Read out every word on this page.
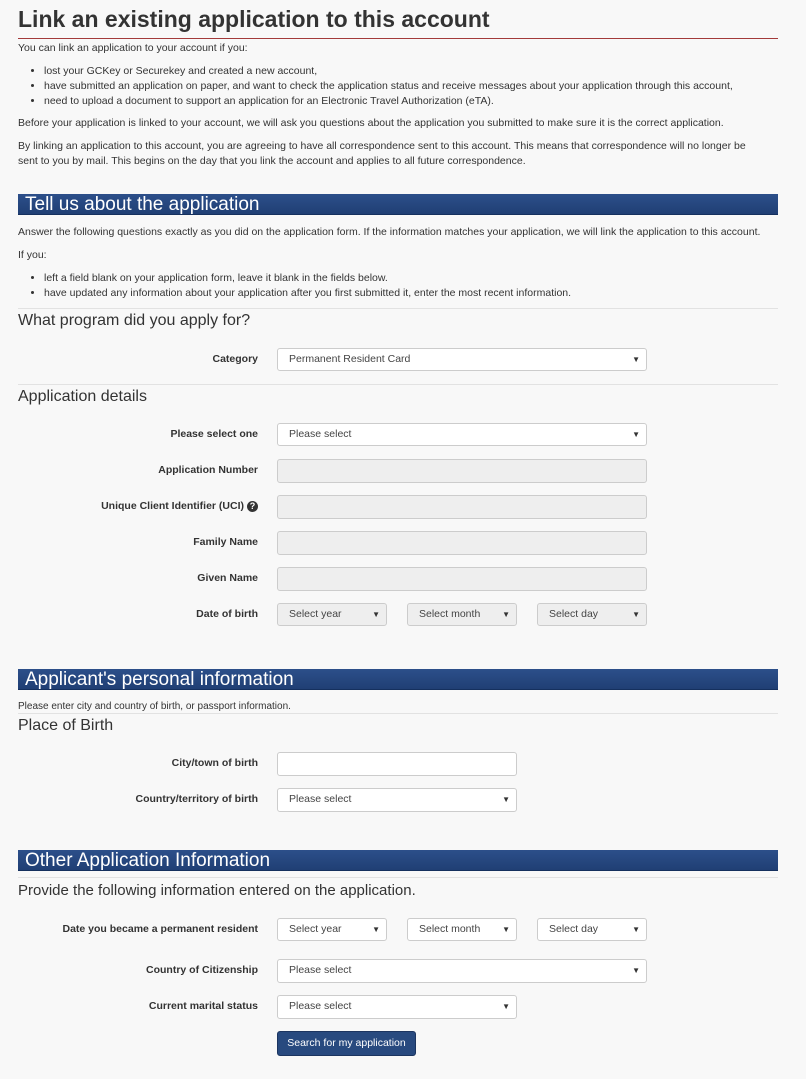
Link an existing application to this account

You can link an application to your account if you:

• lost your GCKey or Securekey and created a new account,
• have submitted an application on paper, and want to check the application status and receive messages about your application through this account,
• need to upload a document to support an application for an Electronic Travel Authorization (eTA).

Before your application is linked to your account, we will ask you questions about the application you submitted to make sure it is the correct application.

By linking an application to this account, you are agreeing to have all correspondence sent to this account. This means that correspondence will no longer be

sent to you by mail. This begins on the day that you link the account and applies to all future correspondence.

Tell us about the application

Answer the following questions exactly as you did on the application form. If the information matches your application, we will link the application to this account.

If you:

• left a field blank on your application form, leave it blank in the fields below.
• have updated any information about your application after you first submitted it, enter the most recent information.
What program did you apply for?
Category	Permanent Resident Card	▼
Application details
Please select one	Please select	▼
Application Number
Unique Client Identifier (UCI) ?
Family Name
Given Name
Date of birth	Select year	▼	Select month	▼	Select day	▼
Applicant's personal information

Please enter city and country of birth, or passport information.

Place of Birth
City/town of birth
Country/territory of birth	Please select	▼
Other Application Information
Provide the following information entered on the application.
Date you became a permanent resident	Select year	▼	Select month	▼	Select day	▼
Country of Citizenship	Please select	▼
Current marital status	Please select	▼
Search for my application
